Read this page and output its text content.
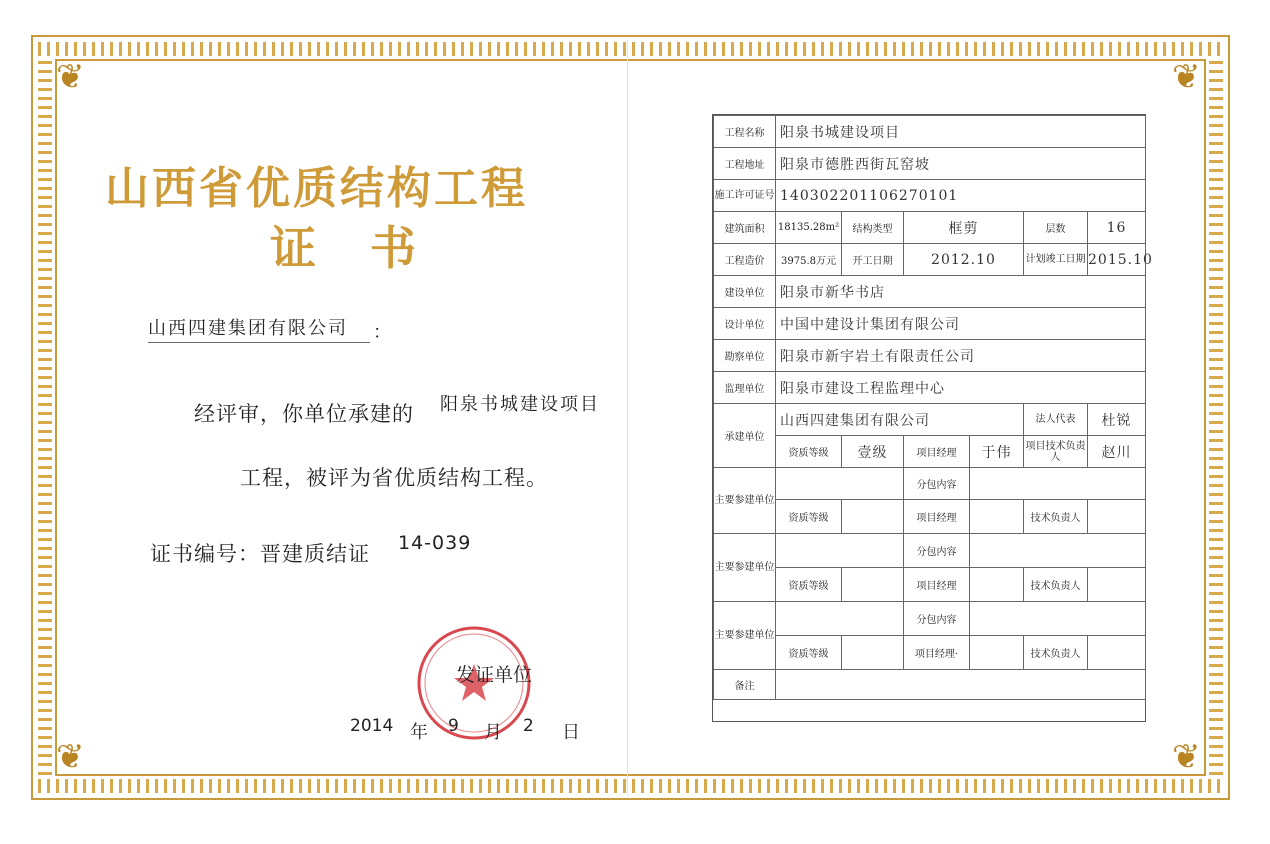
❦	❦
❦	❦
山西省优质结构工程
证书
山西四建集团有限公司 ：
经评审，你单位承建的 阳泉书城建设项目
工程，被评为省优质结构工程。
证书编号：晋建质结证 14-039
发证单位
2014 年 9 月 2 日
工程名称	阳泉书城建设项目					
工程地址	阳泉市德胜西街瓦窑坡					
施工许可证号	140302201106270101					
建筑面积	18135.28m²	结构类型	框剪		层数	16
工程造价	3975.8万元	开工日期	2012.10		计划竣工日期	2015.10
建设单位	阳泉市新华书店					
设计单位	中国中建设计集团有限公司					
勘察单位	阳泉市新宇岩土有限责任公司					
监理单位	阳泉市建设工程监理中心					
承建单位	山西四建集团有限公司				法人代表	杜锐
	资质等级	壹级	项目经理	于伟	项目技术负责人	赵川
主要参建单位			分包内容			
	资质等级		项目经理		技术负责人	
主要参建单位			分包内容			
	资质等级		项目经理		技术负责人	
主要参建单位			分包内容			
	资质等级		项目经理·		技术负责人	
备注						
